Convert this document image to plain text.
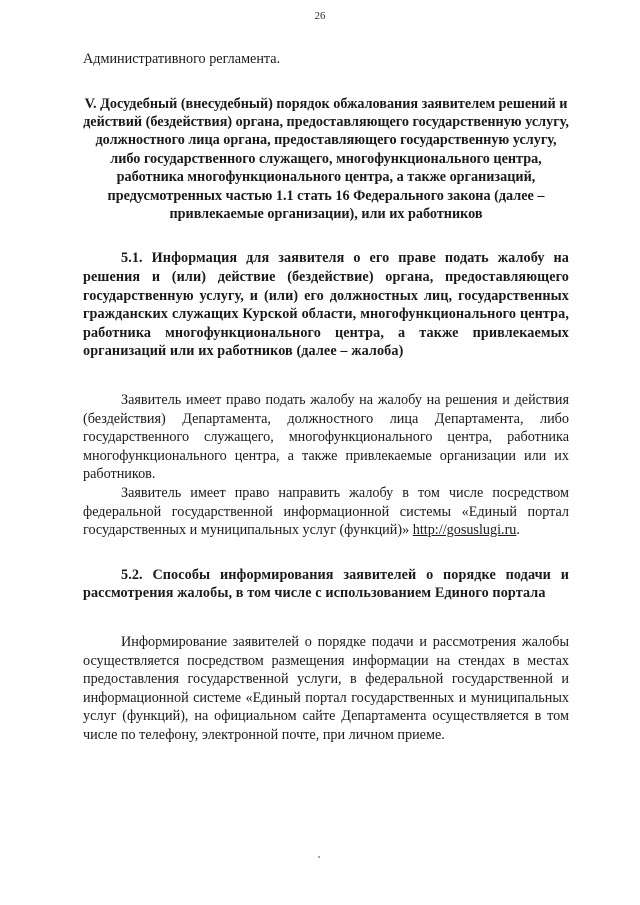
26

Административного регламента.

V. Досудебный (внесудебный) порядок обжалования заявителем решений и действий (бездействия) органа, предоставляющего государственную услугу, должностного лица органа, предоставляющего государственную услугу, либо государственного служащего, многофункционального центра, работника многофункционального центра, а также организаций, предусмотренных частью 1.1 стать 16 Федерального закона (далее – привлекаемые организации), или их работников

5.1. Информация для заявителя о его праве подать жалобу на решения и (или) действие (бездействие) органа, предоставляющего государственную услугу, и (или) его должностных лиц, государственных гражданских служащих Курской области, многофункционального центра, работника многофункционального центра, а также привлекаемых организаций или их работников (далее – жалоба)

Заявитель имеет право подать жалобу на жалобу на решения и действия (бездействия) Департамента, должностного лица Департамента, либо государственного служащего, многофункционального центра, работника многофункционального центра, а также привлекаемые организации или их работников.

Заявитель имеет право направить жалобу в том числе посредством федеральной государственной информационной системы «Единый портал государственных и муниципальных услуг (функций)» http://gosuslugi.ru.

5.2. Способы информирования заявителей о порядке подачи и рассмотрения жалобы, в том числе с использованием Единого портала

Информирование заявителей о порядке подачи и рассмотрения жалобы осуществляется посредством размещения информации на стендах в местах предоставления государственной услуги, в федеральной государственной и информационной системе «Единый портал государственных и муниципальных услуг (функций), на официальном сайте Департамента осуществляется в том числе по телефону, электронной почте, при личном приеме.
